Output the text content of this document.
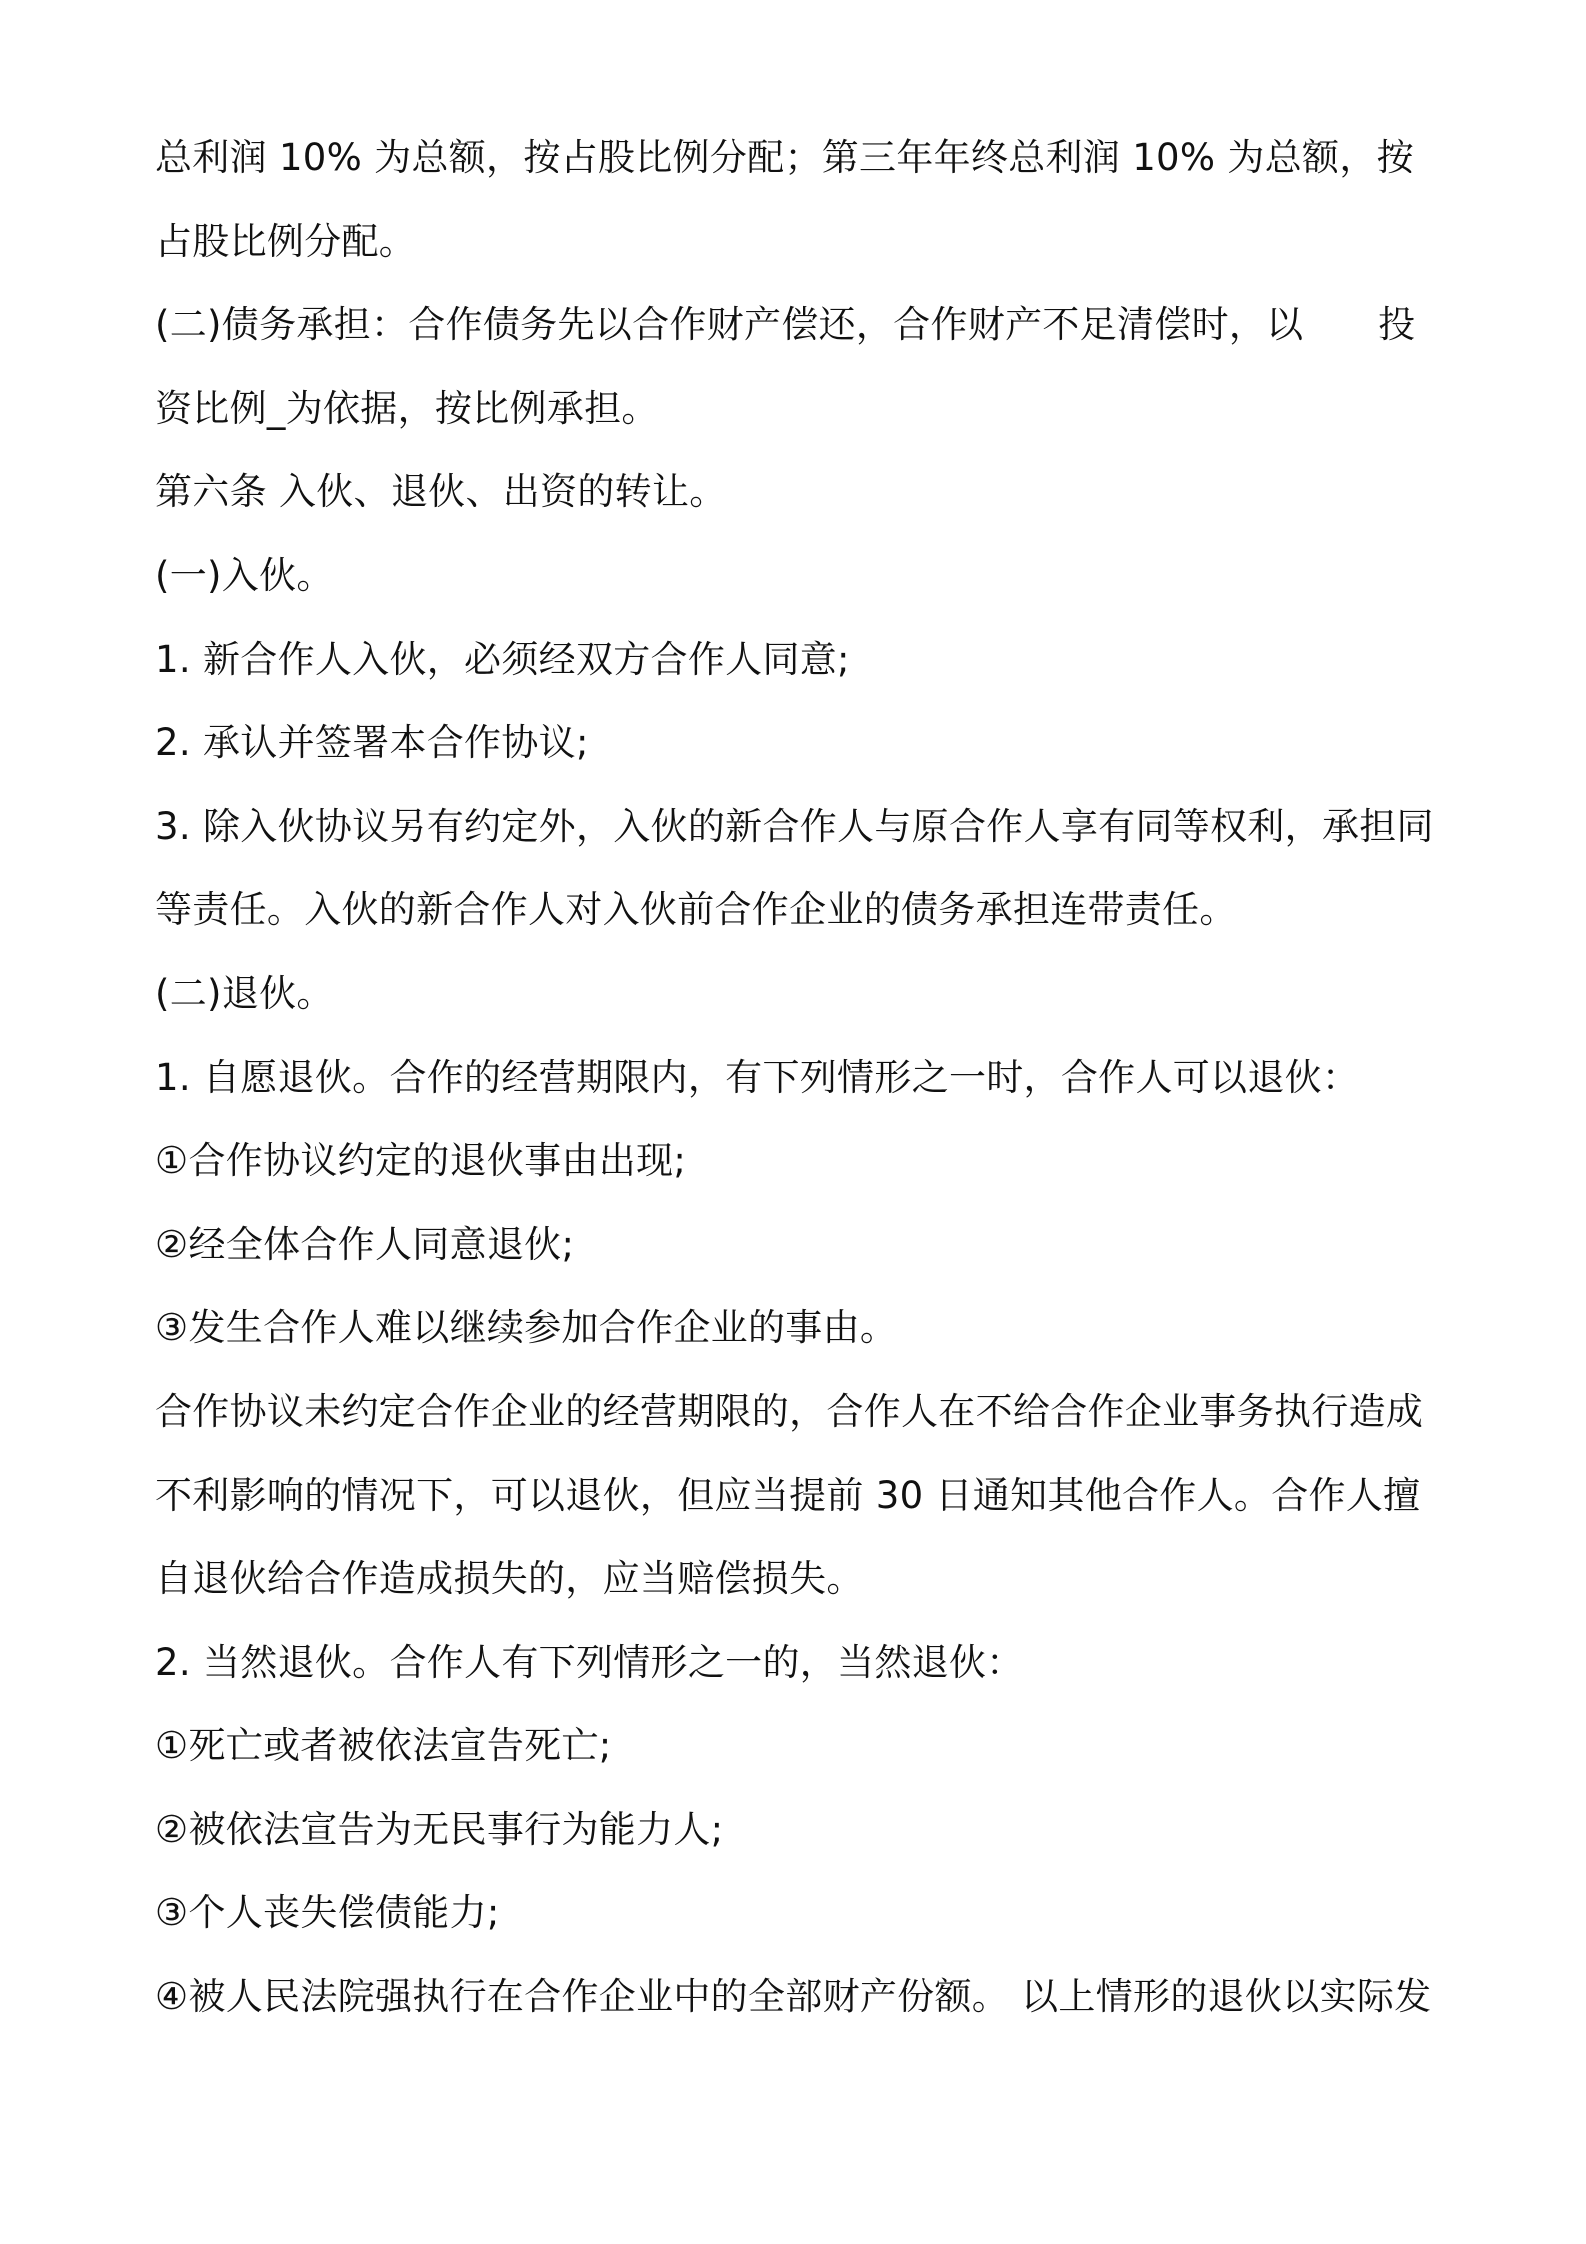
总利润 10% 为总额，按占股比例分配；第三年年终总利润 10% 为总额，按
占股比例分配。
(二)债务承担：合作债务先以合作财产偿还，合作财产不足清偿时，以　　投
资比例_为依据，按比例承担。
第六条 入伙、退伙、出资的转让。
(一)入伙。
1. 新合作人入伙，必须经双方合作人同意;
2. 承认并签署本合作协议;
3. 除入伙协议另有约定外，入伙的新合作人与原合作人享有同等权利，承担同
等责任。入伙的新合作人对入伙前合作企业的债务承担连带责任。
(二)退伙。
1. 自愿退伙。合作的经营期限内，有下列情形之一时，合作人可以退伙：
①合作协议约定的退伙事由出现;
②经全体合作人同意退伙;
③发生合作人难以继续参加合作企业的事由。
合作协议未约定合作企业的经营期限的，合作人在不给合作企业事务执行造成
不利影响的情况下，可以退伙，但应当提前 30 日通知其他合作人。合作人擅
自退伙给合作造成损失的，应当赔偿损失。
2. 当然退伙。合作人有下列情形之一的，当然退伙：
①死亡或者被依法宣告死亡;
②被依法宣告为无民事行为能力人;
③个人丧失偿债能力;
④被人民法院强执行在合作企业中的全部财产份额。 以上情形的退伙以实际发
